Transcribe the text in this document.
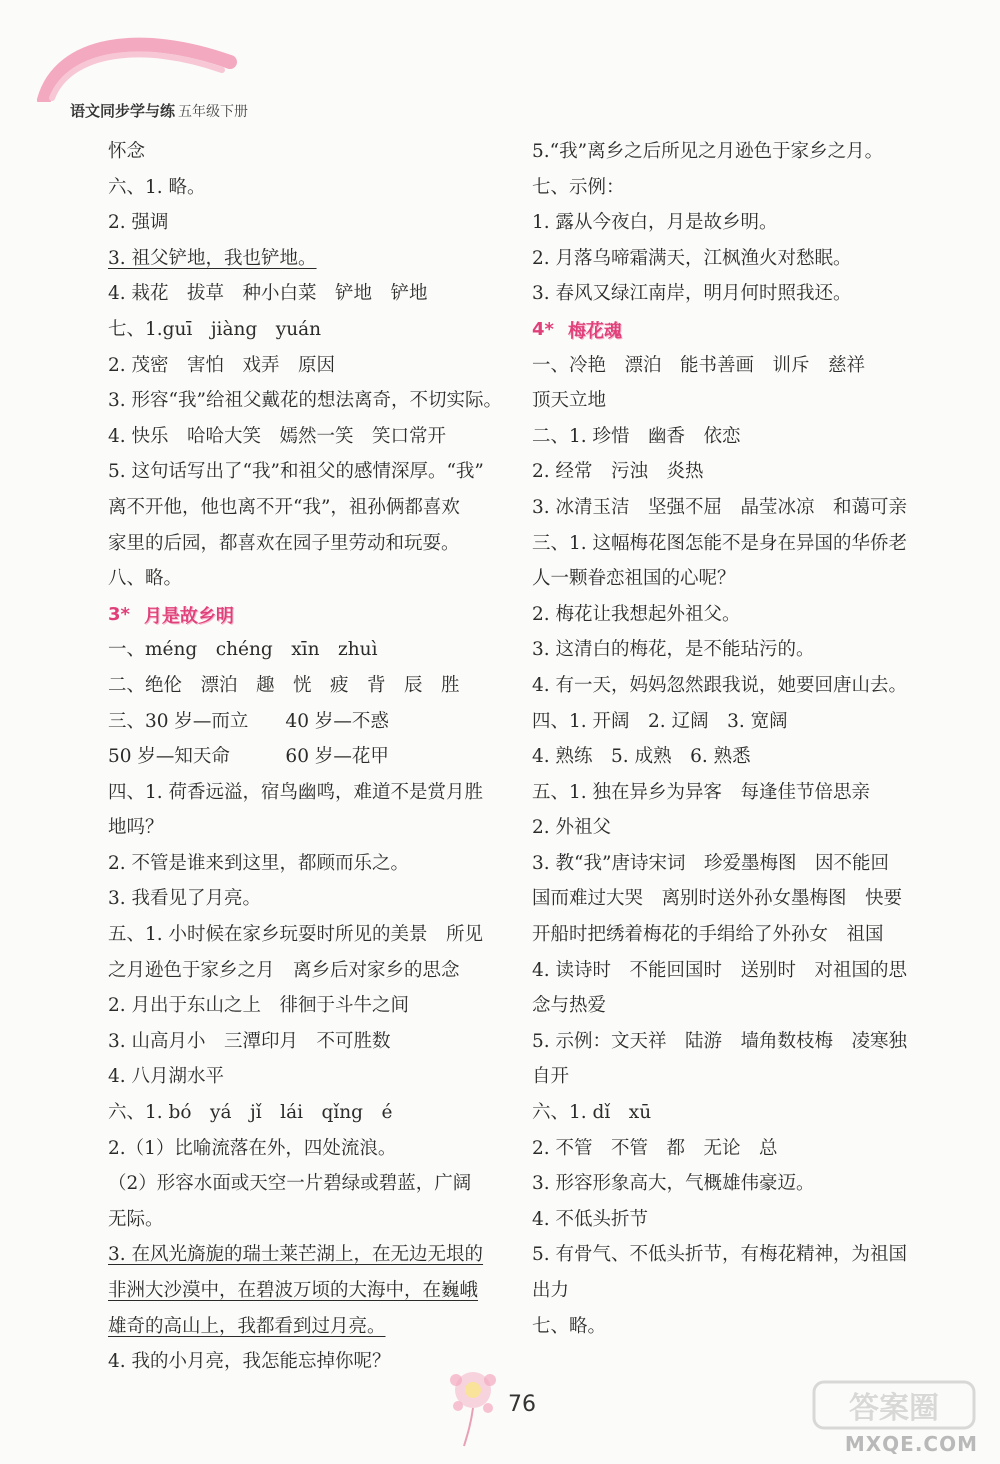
语文同步学与练 五年级下册
怀念
六、1. 略。
2. 强调
3. 祖父铲地，我也铲地。
4. 栽花　拔草　种小白菜　铲地　铲地
七、1.guī　jiàng　yuán
2. 茂密　害怕　戏弄　原因
3. 形容“我”给祖父戴花的想法离奇，不切实际。
4. 快乐　哈哈大笑　嫣然一笑　笑口常开
5. 这句话写出了“我”和祖父的感情深厚。“我”
离不开他，他也离不开“我”，祖孙俩都喜欢
家里的后园，都喜欢在园子里劳动和玩耍。
八、略。
3* 月是故乡明
一、méng　chéng　xīn　zhuì
二、绝伦　漂泊　趣　恍　疲　背　辰　胜
三、30 岁—而立　　40 岁—不惑
50 岁—知天命　　　60 岁—花甲
四、1. 荷香远溢，宿鸟幽鸣，难道不是赏月胜
地吗？
2. 不管是谁来到这里，都顾而乐之。
3. 我看见了月亮。
五、1. 小时候在家乡玩耍时所见的美景　所见
之月逊色于家乡之月　离乡后对家乡的思念
2. 月出于东山之上　徘徊于斗牛之间
3. 山高月小　三潭印月　不可胜数
4. 八月湖水平
六、1. bó　yá　jǐ　lái　qǐng　é
2.（1）比喻流落在外，四处流浪。
（2）形容水面或天空一片碧绿或碧蓝，广阔
无际。
3. 在风光旖旎的瑞士莱芒湖上，在无边无垠的
非洲大沙漠中，在碧波万顷的大海中，在巍峨
雄奇的高山上，我都看到过月亮。
4. 我的小月亮，我怎能忘掉你呢？
5.“我”离乡之后所见之月逊色于家乡之月。
七、示例：
1. 露从今夜白，月是故乡明。
2. 月落乌啼霜满天，江枫渔火对愁眠。
3. 春风又绿江南岸，明月何时照我还。
4* 梅花魂
一、冷艳　漂泊　能书善画　训斥　慈祥
顶天立地
二、1. 珍惜　幽香　依恋
2. 经常　污浊　炎热
3. 冰清玉洁　坚强不屈　晶莹冰凉　和蔼可亲
三、1. 这幅梅花图怎能不是身在异国的华侨老
人一颗眷恋祖国的心呢？
2. 梅花让我想起外祖父。
3. 这清白的梅花，是不能玷污的。
4. 有一天，妈妈忽然跟我说，她要回唐山去。
四、1. 开阔　2. 辽阔　3. 宽阔
4. 熟练　5. 成熟　6. 熟悉
五、1. 独在异乡为异客　每逢佳节倍思亲
2. 外祖父
3. 教“我”唐诗宋词　珍爱墨梅图　因不能回
国而难过大哭　离别时送外孙女墨梅图　快要
开船时把绣着梅花的手绢给了外孙女　祖国
4. 读诗时　不能回国时　送别时　对祖国的思
念与热爱
5. 示例：文天祥　陆游　墙角数枝梅　凌寒独
自开
六、1. dǐ　xū
2. 不管　不管　都　无论　总
3. 形容形象高大，气概雄伟豪迈。
4. 不低头折节
5. 有骨气、不低头折节，有梅花精神，为祖国
出力
七、略。
76	答案圈
MXQE.COM
